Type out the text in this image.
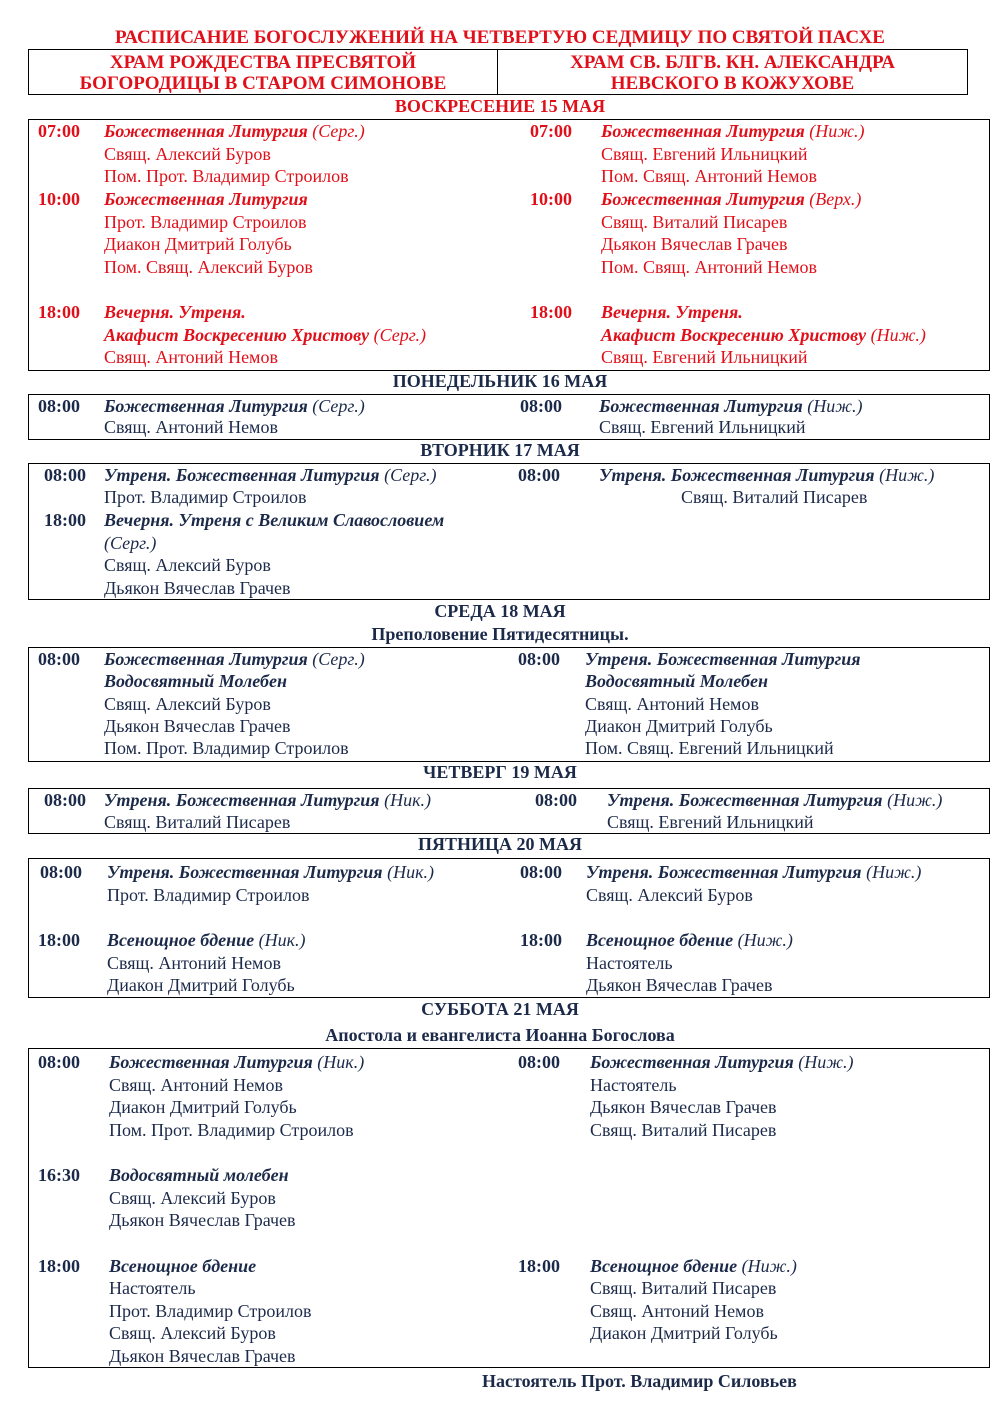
РАСПИСАНИЕ БОГОСЛУЖЕНИЙ НА ЧЕТВЕРТУЮ СЕДМИЦУ ПО СВЯТОЙ ПАСХЕ
ХРАМ РОЖДЕСТВА ПРЕСВЯТОЙ
БОГОРОДИЦЫ В СТАРОМ СИМОНОВЕ
ХРАМ СВ. БЛГВ. КН. АЛЕКСАНДРА
НЕВСКОГО В КОЖУХОВЕ
ВОСКРЕСЕНИЕ 15 МАЯ
07:00 Божественная Литургия (Серг.)
Свящ. Алексий Буров
Пом. Прот. Владимир Строилов
10:00 Божественная Литургия
Прот. Владимир Строилов
Диакон Дмитрий Голубь
Пом. Свящ. Алексий Буров
18:00 Вечерня. Утреня.
Акафист Воскресению Христову (Серг.)
Свящ. Антоний Немов
07:00 Божественная Литургия (Ниж.)
Свящ. Евгений Ильницкий
Пом. Свящ. Антоний Немов
10:00 Божественная Литургия (Верх.)
Свящ. Виталий Писарев
Дьякон Вячеслав Грачев
Пом. Свящ. Антоний Немов
18:00 Вечерня. Утреня.
Акафист Воскресению Христову (Ниж.)
Свящ. Евгений Ильницкий
ПОНЕДЕЛЬНИК 16 МАЯ
08:00 Божественная Литургия (Серг.)
Свящ. Антоний Немов
08:00 Божественная Литургия (Ниж.)
Свящ. Евгений Ильницкий
ВТОРНИК 17 МАЯ
08:00 Утреня. Божественная Литургия (Серг.)
Прот. Владимир Строилов
18:00 Вечерня. Утреня с Великим Славословием
(Серг.)
Свящ. Алексий Буров
Дьякон Вячеслав Грачев
08:00 Утреня. Божественная Литургия (Ниж.)
Свящ. Виталий Писарев
СРЕДА 18 МАЯ
Преполовение Пятидесятницы.
08:00 Божественная Литургия (Серг.)
Водосвятный Молебен
Свящ. Алексий Буров
Дьякон Вячеслав Грачев
Пом. Прот. Владимир Строилов
08:00 Утреня. Божественная Литургия
Водосвятный Молебен
Свящ. Антоний Немов
Диакон Дмитрий Голубь
Пом. Свящ. Евгений Ильницкий
ЧЕТВЕРГ 19 МАЯ
08:00 Утреня. Божественная Литургия (Ник.)
Свящ. Виталий Писарев
08:00 Утреня. Божественная Литургия (Ниж.)
Свящ. Евгений Ильницкий
ПЯТНИЦА 20 МАЯ
08:00 Утреня. Божественная Литургия (Ник.)
Прот. Владимир Строилов
18:00 Всенощное бдение (Ник.)
Свящ. Антоний Немов
Диакон Дмитрий Голубь
08:00 Утреня. Божественная Литургия (Ниж.)
Свящ. Алексий Буров
18:00 Всенощное бдение (Ниж.)
Настоятель
Дьякон Вячеслав Грачев
СУББОТА 21 МАЯ
Апостола и евангелиста Иоанна Богослова
08:00 Божественная Литургия (Ник.)
Свящ. Антоний Немов
Диакон Дмитрий Голубь
Пом. Прот. Владимир Строилов
16:30 Водосвятный молебен
Свящ. Алексий Буров
Дьякон Вячеслав Грачев
18:00 Всенощное бдение
Настоятель
Прот. Владимир Строилов
Свящ. Алексий Буров
Дьякон Вячеслав Грачев
08:00 Божественная Литургия (Ниж.)
Настоятель
Дьякон Вячеслав Грачев
Свящ. Виталий Писарев
18:00 Всенощное бдение (Ниж.)
Свящ. Виталий Писарев
Свящ. Антоний Немов
Диакон Дмитрий Голубь
Настоятель Прот. Владимир Силовьев
